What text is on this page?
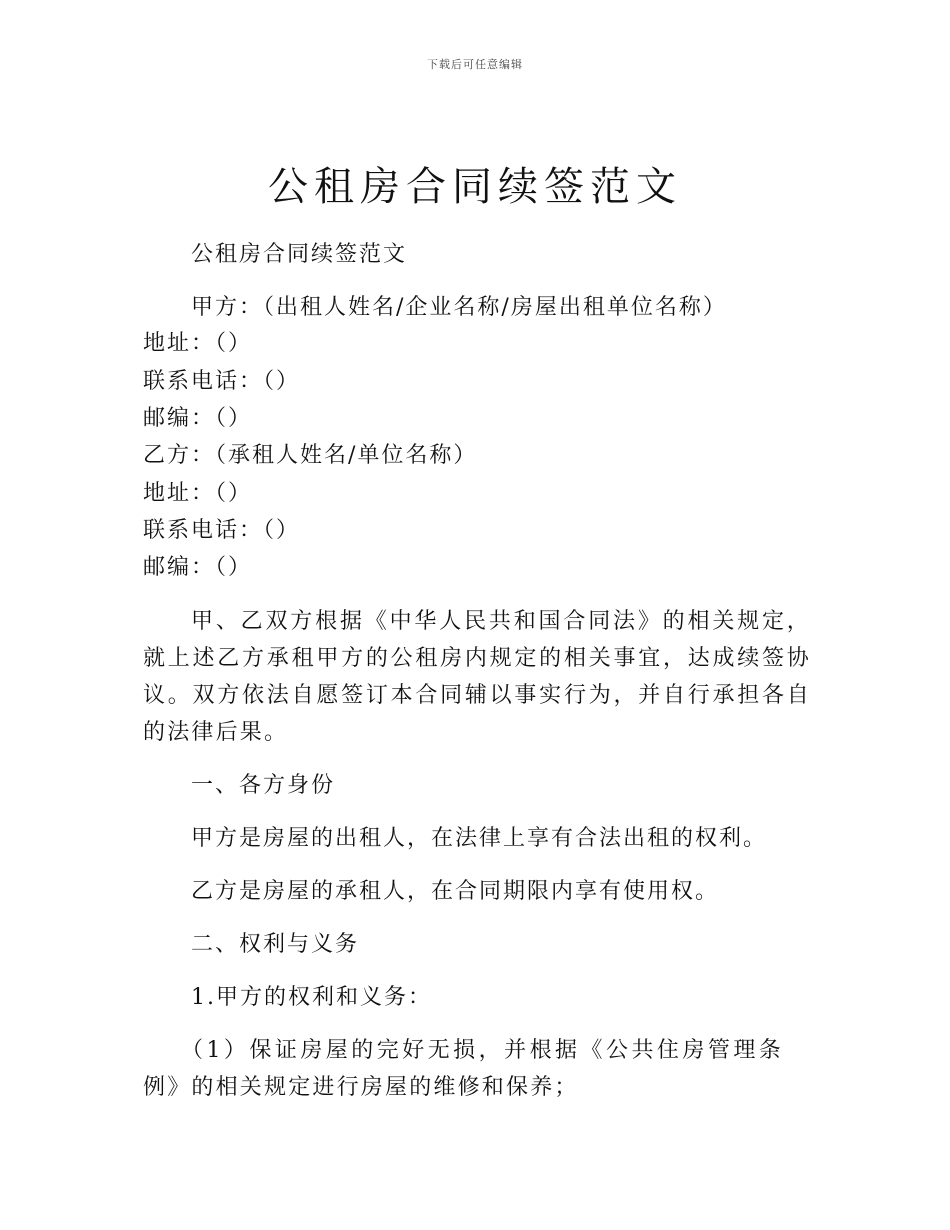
下载后可任意编辑
公租房合同续签范文
公租房合同续签范文
甲方：（出租人姓名/企业名称/房屋出租单位名称）
地址：（）
联系电话：（）
邮编：（）
乙方：（承租人姓名/单位名称）
地址：（）
联系电话：（）
邮编：（）
甲、乙双方根据《中华人民共和国合同法》的相关规定，就上述乙方承租甲方的公租房内规定的相关事宜，达成续签协议。双方依法自愿签订本合同辅以事实行为，并自行承担各自的法律后果。
一、各方身份
甲方是房屋的出租人，在法律上享有合法出租的权利。
乙方是房屋的承租人，在合同期限内享有使用权。
二、权利与义务
1.甲方的权利和义务：
（1）保证房屋的完好无损，并根据《公共住房管理条例》的相关规定进行房屋的维修和保养；
